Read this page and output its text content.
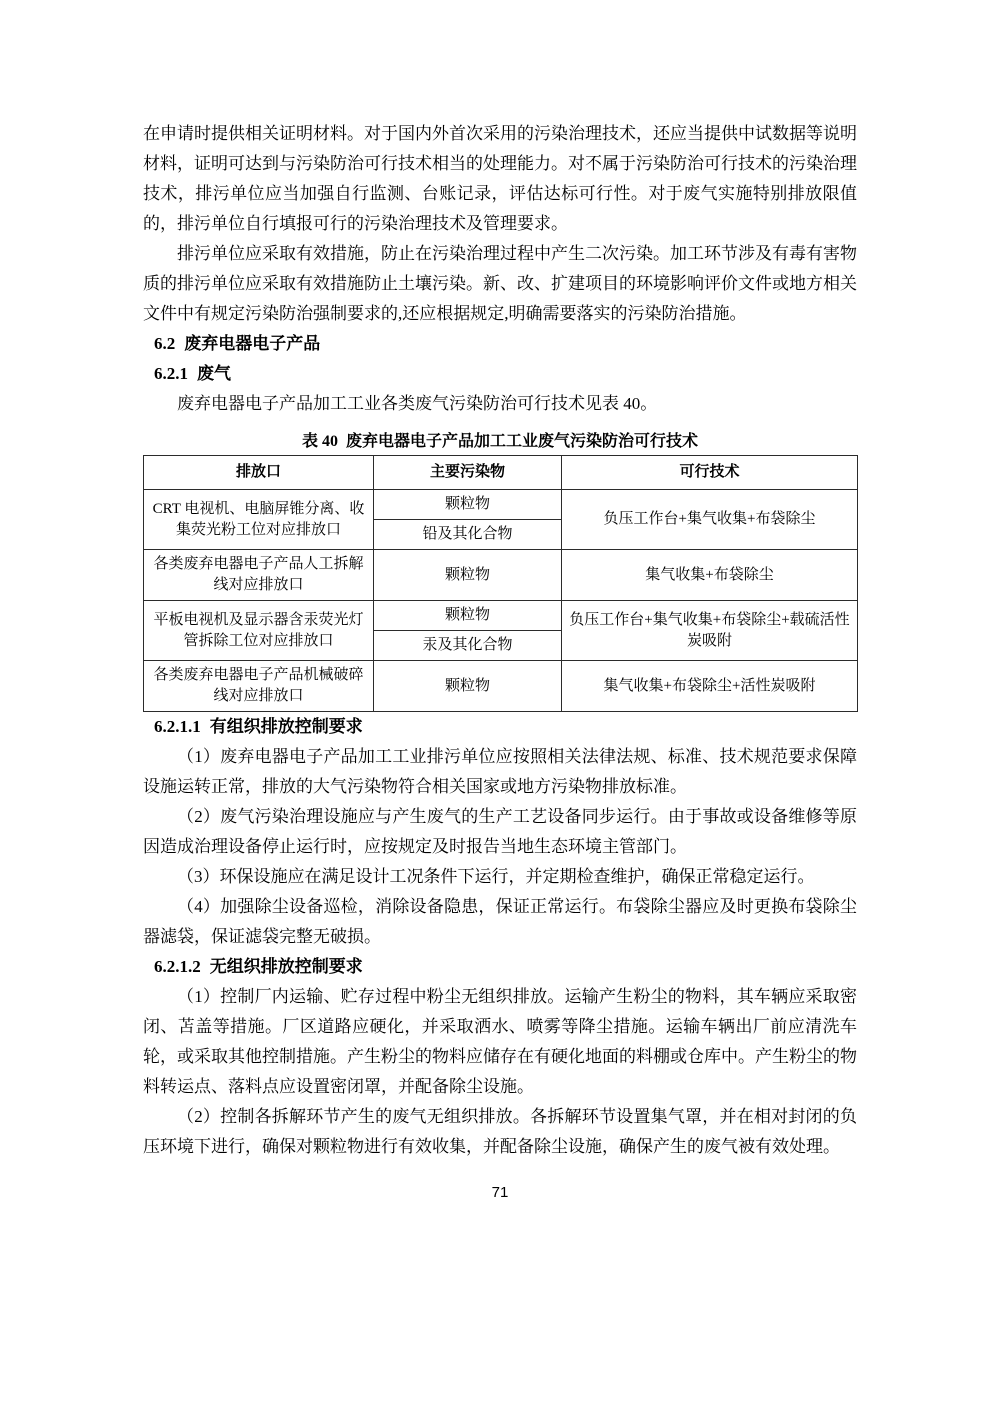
在申请时提供相关证明材料。对于国内外首次采用的污染治理技术，还应当提供中试数据等说明材料，证明可达到与污染防治可行技术相当的处理能力。对不属于污染防治可行技术的污染治理技术，排污单位应当加强自行监测、台账记录，评估达标可行性。对于废气实施特别排放限值的，排污单位自行填报可行的污染治理技术及管理要求。

排污单位应采取有效措施，防止在污染治理过程中产生二次污染。加工环节涉及有毒有害物质的排污单位应采取有效措施防止土壤污染。新、改、扩建项目的环境影响评价文件或地方相关文件中有规定污染防治强制要求的,还应根据规定,明确需要落实的污染防治措施。

6.2 废弃电器电子产品
6.2.1 废气

废弃电器电子产品加工工业各类废气污染防治可行技术见表 40。

表 40 废弃电器电子产品加工工业废气污染防治可行技术

排放口	主要污染物	可行技术
CRT 电视机、电脑屏锥分离、收集荧光粉工位对应排放口	颗粒物	负压工作台+集气收集+布袋除尘
	铅及其化合物	
各类废弃电器电子产品人工拆解线对应排放口	颗粒物	集气收集+布袋除尘
平板电视机及显示器含汞荧光灯管拆除工位对应排放口	颗粒物	负压工作台+集气收集+布袋除尘+载硫活性炭吸附
	汞及其化合物	
各类废弃电器电子产品机械破碎线对应排放口	颗粒物	集气收集+布袋除尘+活性炭吸附
6.2.1.1 有组织排放控制要求

（1）废弃电器电子产品加工工业排污单位应按照相关法律法规、标准、技术规范要求保障设施运转正常，排放的大气污染物符合相关国家或地方污染物排放标准。

（2）废气污染治理设施应与产生废气的生产工艺设备同步运行。由于事故或设备维修等原因造成治理设备停止运行时，应按规定及时报告当地生态环境主管部门。

（3）环保设施应在满足设计工况条件下运行，并定期检查维护，确保正常稳定运行。

（4）加强除尘设备巡检，消除设备隐患，保证正常运行。布袋除尘器应及时更换布袋除尘器滤袋，保证滤袋完整无破损。

6.2.1.2 无组织排放控制要求

（1）控制厂内运输、贮存过程中粉尘无组织排放。运输产生粉尘的物料，其车辆应采取密闭、苫盖等措施。厂区道路应硬化，并采取洒水、喷雾等降尘措施。运输车辆出厂前应清洗车轮，或采取其他控制措施。产生粉尘的物料应储存在有硬化地面的料棚或仓库中。产生粉尘的物料转运点、落料点应设置密闭罩，并配备除尘设施。

（2）控制各拆解环节产生的废气无组织排放。各拆解环节设置集气罩，并在相对封闭的负压环境下进行，确保对颗粒物进行有效收集，并配备除尘设施，确保产生的废气被有效处理。

71
